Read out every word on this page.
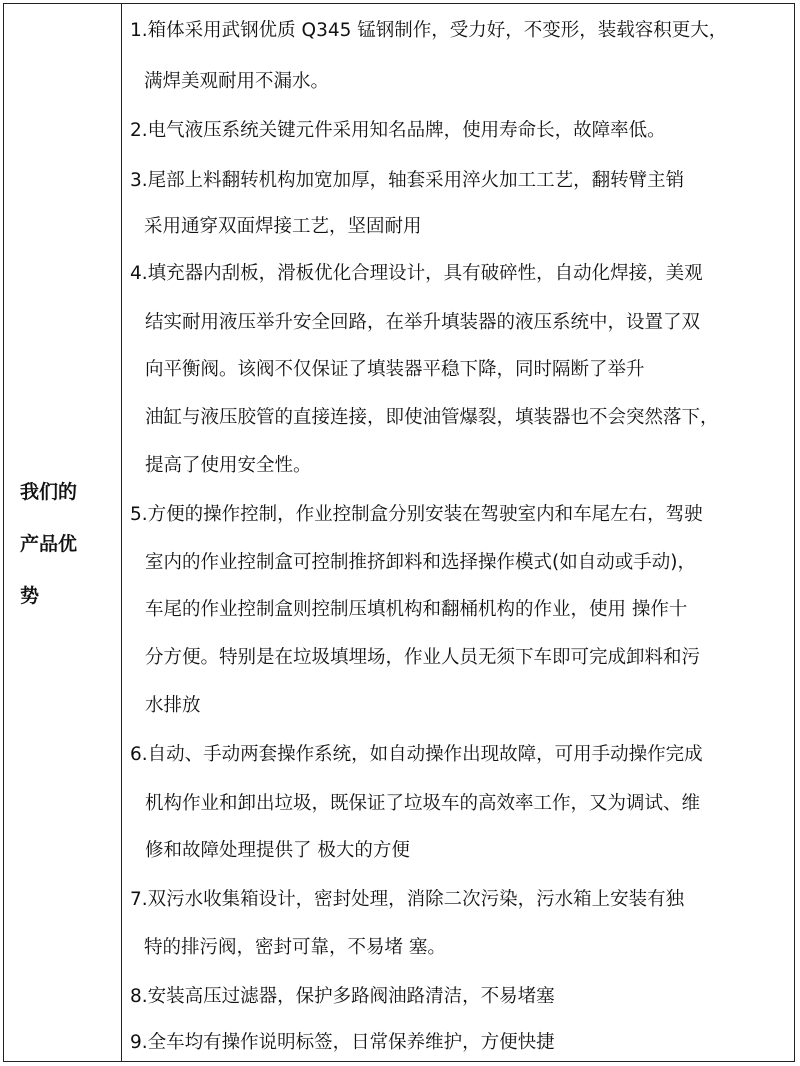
我们的
产品优
势
1.箱体采用武钢优质 Q345 锰钢制作，受力好，不变形，装载容积更大，
满焊美观耐用不漏水。
2.电气液压系统关键元件采用知名品牌，使用寿命长，故障率低。
3.尾部上料翻转机构加宽加厚，轴套采用淬火加工工艺，翻转臂主销
采用通穿双面焊接工艺，坚固耐用
4.填充器内刮板，滑板优化合理设计，具有破碎性，自动化焊接，美观
结实耐用液压举升安全回路，在举升填装器的液压系统中，设置了双
向平衡阀。该阀不仅保证了填装器平稳下降，同时隔断了举升
油缸与液压胶管的直接连接，即使油管爆裂，填装器也不会突然落下，
提高了使用安全性。
5.方便的操作控制，作业控制盒分别安装在驾驶室内和车尾左右，驾驶
室内的作业控制盒可控制推挤卸料和选择操作模式(如自动或手动)，
车尾的作业控制盒则控制压填机构和翻桶机构的作业，使用 操作十
分方便。特别是在垃圾填埋场，作业人员无须下车即可完成卸料和污
水排放
6.自动、手动两套操作系统，如自动操作出现故障，可用手动操作完成
机构作业和卸出垃圾，既保证了垃圾车的高效率工作，又为调试、维
修和故障处理提供了 极大的方便
7.双污水收集箱设计，密封处理，消除二次污染，污水箱上安装有独
特的排污阀，密封可靠，不易堵 塞。
8.安装高压过滤器，保护多路阀油路清洁，不易堵塞
9.全车均有操作说明标签，日常保养维护，方便快捷
